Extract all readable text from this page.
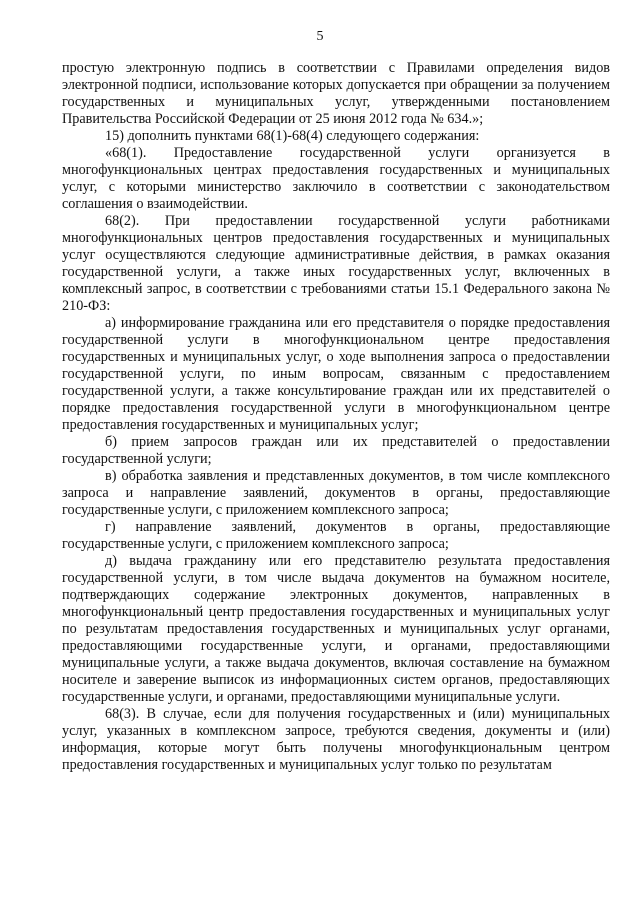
5

простую электронную подпись в соответствии с Правилами определения видов электронной подписи, использование которых допускается при обращении за получением государственных и муниципальных услуг, утвержденными постановлением Правительства Российской Федерации от 25 июня 2012 года № 634.»;

15) дополнить пунктами 68(1)-68(4) следующего содержания:

«68(1). Предоставление государственной услуги организуется в многофункциональных центрах предоставления государственных и муниципальных услуг, с которыми министерство заключило в соответствии с законодательством соглашения о взаимодействии.

68(2). При предоставлении государственной услуги работниками многофункциональных центров предоставления государственных и муниципальных услуг осуществляются следующие административные действия, в рамках оказания государственной услуги, а также иных государственных услуг, включенных в комплексный запрос, в соответствии с требованиями статьи 15.1 Федерального закона № 210-ФЗ:

а) информирование гражданина или его представителя о порядке предоставления государственной услуги в многофункциональном центре предоставления государственных и муниципальных услуг, о ходе выполнения запроса о предоставлении государственной услуги, по иным вопросам, связанным с предоставлением государственной услуги, а также консультирование граждан или их представителей о порядке предоставления государственной услуги в многофункциональном центре предоставления государственных и муниципальных услуг;

б) прием запросов граждан или их представителей о предоставлении государственной услуги;

в) обработка заявления и представленных документов, в том числе комплексного запроса и направление заявлений, документов в органы, предоставляющие государственные услуги, с приложением комплексного запроса;

г) направление заявлений, документов в органы, предоставляющие государственные услуги, с приложением комплексного запроса;

д) выдача гражданину или его представителю результата предоставления государственной услуги, в том числе выдача документов на бумажном носителе, подтверждающих содержание электронных документов, направленных в многофункциональный центр предоставления государственных и муниципальных услуг по результатам предоставления государственных и муниципальных услуг органами, предоставляющими государственные услуги, и органами, предоставляющими муниципальные услуги, а также выдача документов, включая составление на бумажном носителе и заверение выписок из информационных систем органов, предоставляющих государственные услуги, и органами, предоставляющими муниципальные услуги.

68(3). В случае, если для получения государственных и (или) муниципальных услуг, указанных в комплексном запросе, требуются сведения, документы и (или) информация, которые могут быть получены многофункциональным центром предоставления государственных и муниципальных услуг только по результатам
